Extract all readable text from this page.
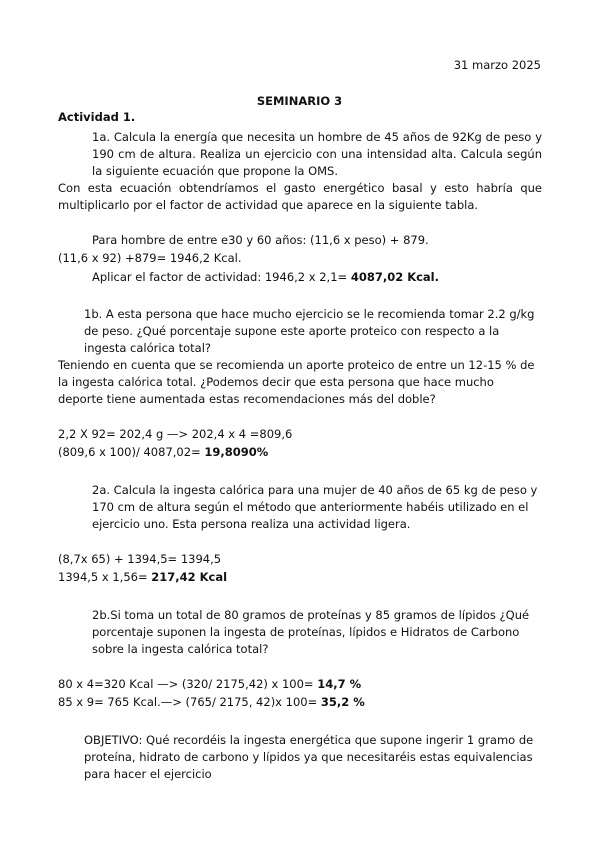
31 marzo 2025
SEMINARIO 3
Actividad 1.

1a. Calcula la energía que necesita un hombre de 45 años de 92Kg de peso y 190 cm de altura. Realiza un ejercicio con una intensidad alta. Calcula según la siguiente ecuación que propone la OMS.

Con esta ecuación obtendríamos el gasto energético basal y esto habría que multiplicarlo por el factor de actividad que aparece en la siguiente tabla.
Para hombre de entre e30 y 60 años: (11,6 x peso) + 879.
(11,6 x 92) +879= 1946,2 Kcal.
Aplicar el factor de actividad: 1946,2 x 2,1= 4087,02 Kcal.

1b. A esta persona que hace mucho ejercicio se le recomienda tomar 2.2 g/kg de peso. ¿Qué porcentaje supone este aporte proteico con respecto a la ingesta calórica total?

Teniendo en cuenta que se recomienda un aporte proteico de entre un 12-15 % de la ingesta calórica total. ¿Podemos decir que esta persona que hace mucho deporte tiene aumentada estas recomendaciones más del doble?
2,2 X 92= 202,4 g —> 202,4 x 4 =809,6
(809,6 x 100)/ 4087,02= 19,8090%

2a. Calcula la ingesta calórica para una mujer de 40 años de 65 kg de peso y 170 cm de altura según el método que anteriormente habéis utilizado en el ejercicio uno. Esta persona realiza una actividad ligera.

(8,7x 65) + 1394,5= 1394,5
1394,5 x 1,56= 217,42 Kcal

2b.Si toma un total de 80 gramos de proteínas y 85 gramos de lípidos ¿Qué porcentaje suponen la ingesta de proteínas, lípidos e Hidratos de Carbono sobre la ingesta calórica total?

80 x 4=320 Kcal —> (320/ 2175,42) x 100= 14,7 %
85 x 9= 765 Kcal.—> (765/ 2175, 42)x 100= 35,2 %

OBJETIVO: Qué recordéis la ingesta energética que supone ingerir 1 gramo de proteína, hidrato de carbono y lípidos ya que necesitaréis estas equivalencias para hacer el ejercicio
